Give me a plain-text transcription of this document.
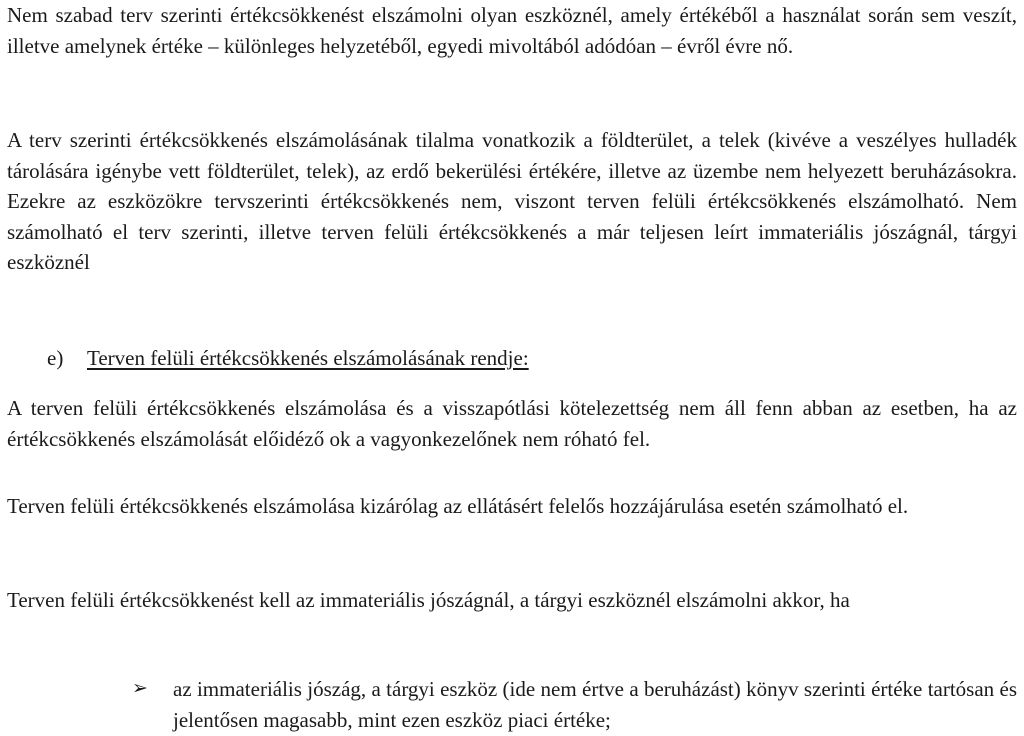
Nem szabad terv szerinti értékcsökkenést elszámolni olyan eszköznél, amely értékéből a használat során sem veszít, illetve amelynek értéke – különleges helyzetéből, egyedi mivoltából adódóan – évről évre nő.

A terv szerinti értékcsökkenés elszámolásának tilalma vonatkozik a földterület, a telek (kivéve a veszélyes hulladék tárolására igénybe vett földterület, telek), az erdő bekerülési értékére, illetve az üzembe nem helyezett beruházásokra. Ezekre az eszközökre tervszerinti értékcsökkenés nem, viszont terven felüli értékcsökkenés elszámolható. Nem számolható el terv szerinti, illetve terven felüli értékcsökkenés a már teljesen leírt immateriális jószágnál, tárgyi eszköznél

e) Terven felüli értékcsökkenés elszámolásának rendje:

A terven felüli értékcsökkenés elszámolása és a visszapótlási kötelezettség nem áll fenn abban az esetben, ha az értékcsökkenés elszámolását előidéző ok a vagyonkezelőnek nem róható fel.

Terven felüli értékcsökkenés elszámolása kizárólag az ellátásért felelős hozzájárulása esetén számolható el.

Terven felüli értékcsökkenést kell az immateriális jószágnál, a tárgyi eszköznél elszámolni akkor, ha

➢ az immateriális jószág, a tárgyi eszköz (ide nem értve a beruházást) könyv szerinti értéke tartósan és jelentősen magasabb, mint ezen eszköz piaci értéke;
